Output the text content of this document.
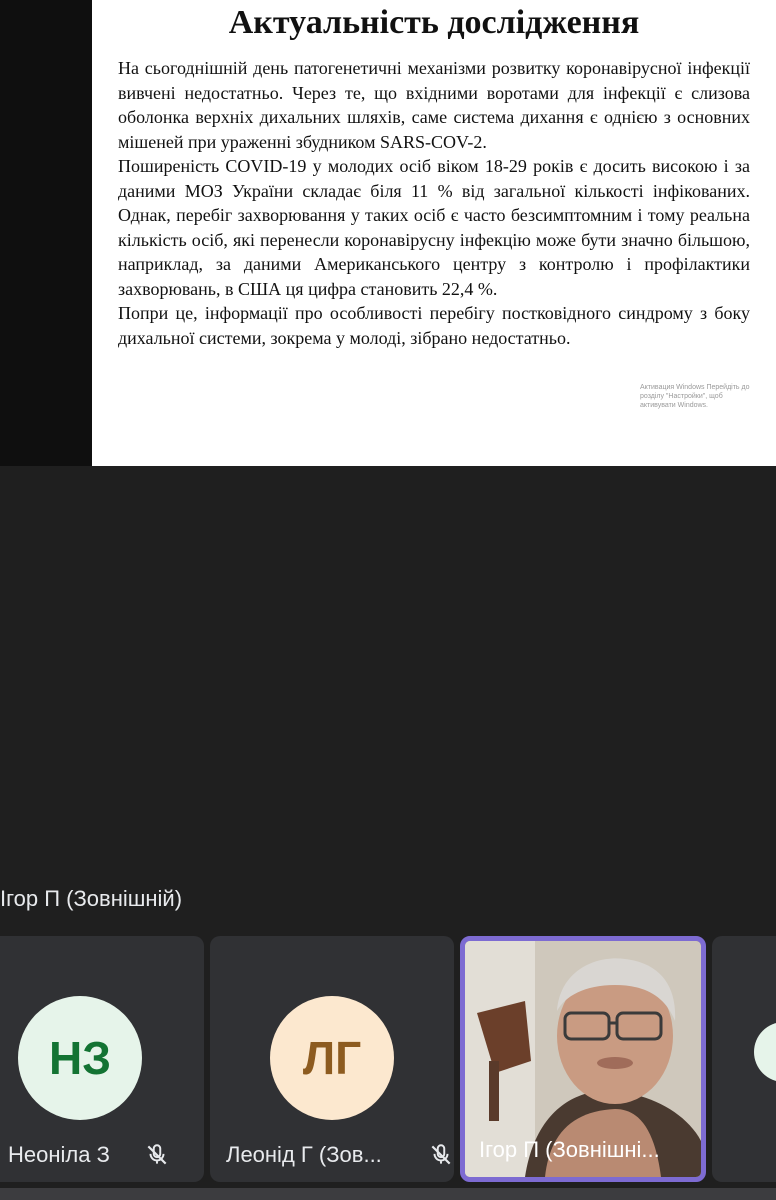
Актуальність дослідження

На сьогоднішній день патогенетичні механізми розвитку коронавірусної інфекції вивчені недостатньо. Через те, що вхідними воротами для інфекції є слизова оболонка верхніх дихальних шляхів, саме система дихання є однією з основних мішеней при ураженні збудником SARS-COV-2.

Поширеність COVID-19 у молодих осіб віком 18-29 років є досить високою і за даними МОЗ України складає біля 11 % від загальної кількості інфікованих. Однак, перебіг захворювання у таких осіб є часто безсимптомним і тому реальна кількість осіб, які перенесли коронавірусну інфекцію може бути значно більшою, наприклад, за даними Американського центру з контролю і профілактики захворювань, в США ця цифра становить 22,4 %.

Попри це, інформації про особливості перебігу постковідного синдрому з боку дихальної системи, зокрема у молоді, зібрано недостатньо.

Активация Windows Перейдіть до розділу "Настройки", щоб активувати Windows.
Ігор П (Зовнішній)
НЗ
Неоніла З
ЛГ
Леонід Г (Зов...	Ігор П (Зовнішні...
